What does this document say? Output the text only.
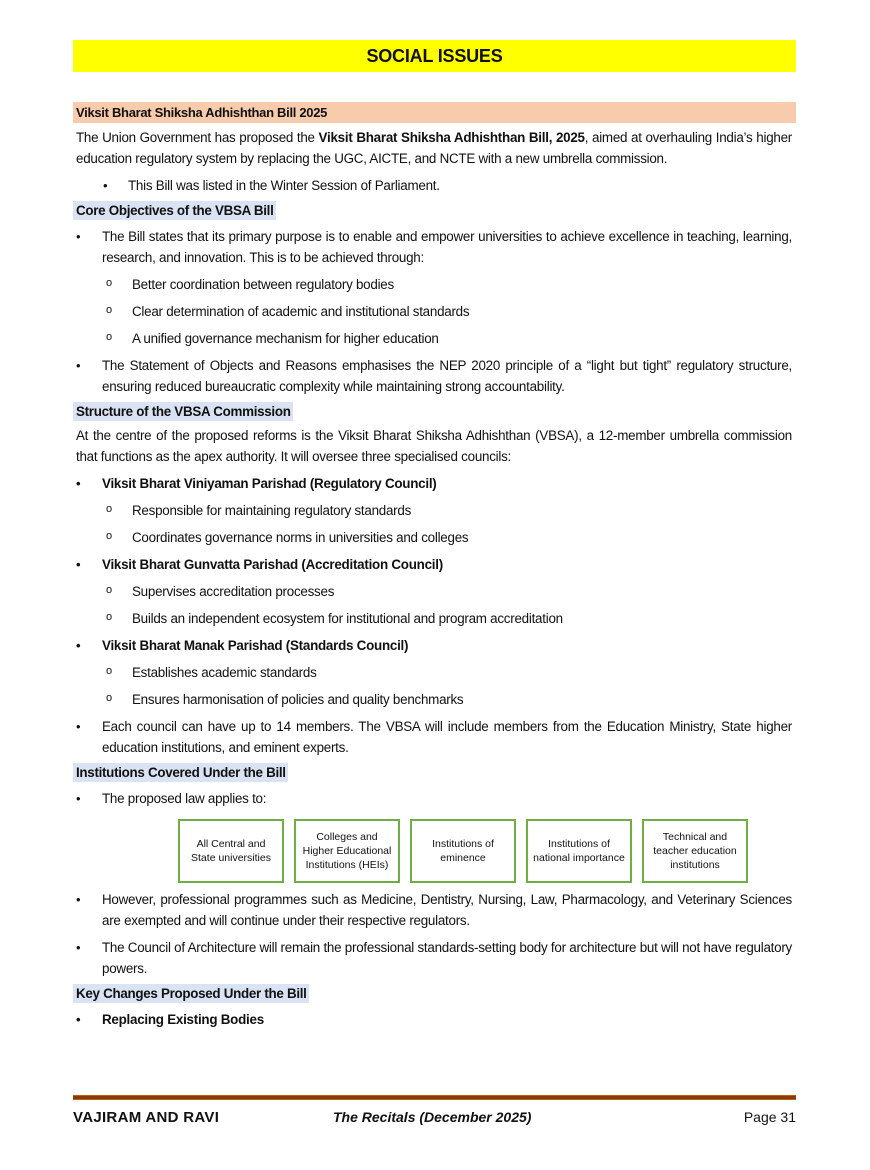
SOCIAL ISSUES
Viksit Bharat Shiksha Adhishthan Bill 2025

The Union Government has proposed the Viksit Bharat Shiksha Adhishthan Bill, 2025, aimed at overhauling India’s higher education regulatory system by replacing the UGC, AICTE, and NCTE with a new umbrella commission.

• This Bill was listed in the Winter Session of Parliament.
Core Objectives of the VBSA Bill
• The Bill states that its primary purpose is to enable and empower universities to achieve excellence in teaching, learning, research, and innovation. This is to be achieved through:
o Better coordination between regulatory bodies
o Clear determination of academic and institutional standards
o A unified governance mechanism for higher education
• The Statement of Objects and Reasons emphasises the NEP 2020 principle of a “light but tight” regulatory structure, ensuring reduced bureaucratic complexity while maintaining strong accountability.
Structure of the VBSA Commission

At the centre of the proposed reforms is the Viksit Bharat Shiksha Adhishthan (VBSA), a 12-member umbrella commission that functions as the apex authority. It will oversee three specialised councils:

• Viksit Bharat Viniyaman Parishad (Regulatory Council)
o Responsible for maintaining regulatory standards
o Coordinates governance norms in universities and colleges
• Viksit Bharat Gunvatta Parishad (Accreditation Council)
o Supervises accreditation processes
o Builds an independent ecosystem for institutional and program accreditation
• Viksit Bharat Manak Parishad (Standards Council)
o Establishes academic standards
o Ensures harmonisation of policies and quality benchmarks
• Each council can have up to 14 members. The VBSA will include members from the Education Ministry, State higher education institutions, and eminent experts.
Institutions Covered Under the Bill
• The proposed law applies to:
All Central and State universities
Colleges and Higher Educational Institutions (HEIs)
Institutions of eminence
Institutions of national importance
Technical and teacher education institutions
• However, professional programmes such as Medicine, Dentistry, Nursing, Law, Pharmacology, and Veterinary Sciences are exempted and will continue under their respective regulators.
• The Council of Architecture will remain the professional standards-setting body for architecture but will not have regulatory powers.
Key Changes Proposed Under the Bill
• Replacing Existing Bodies
VAJIRAM AND RAVI	The Recitals (December 2025)	Page 31
